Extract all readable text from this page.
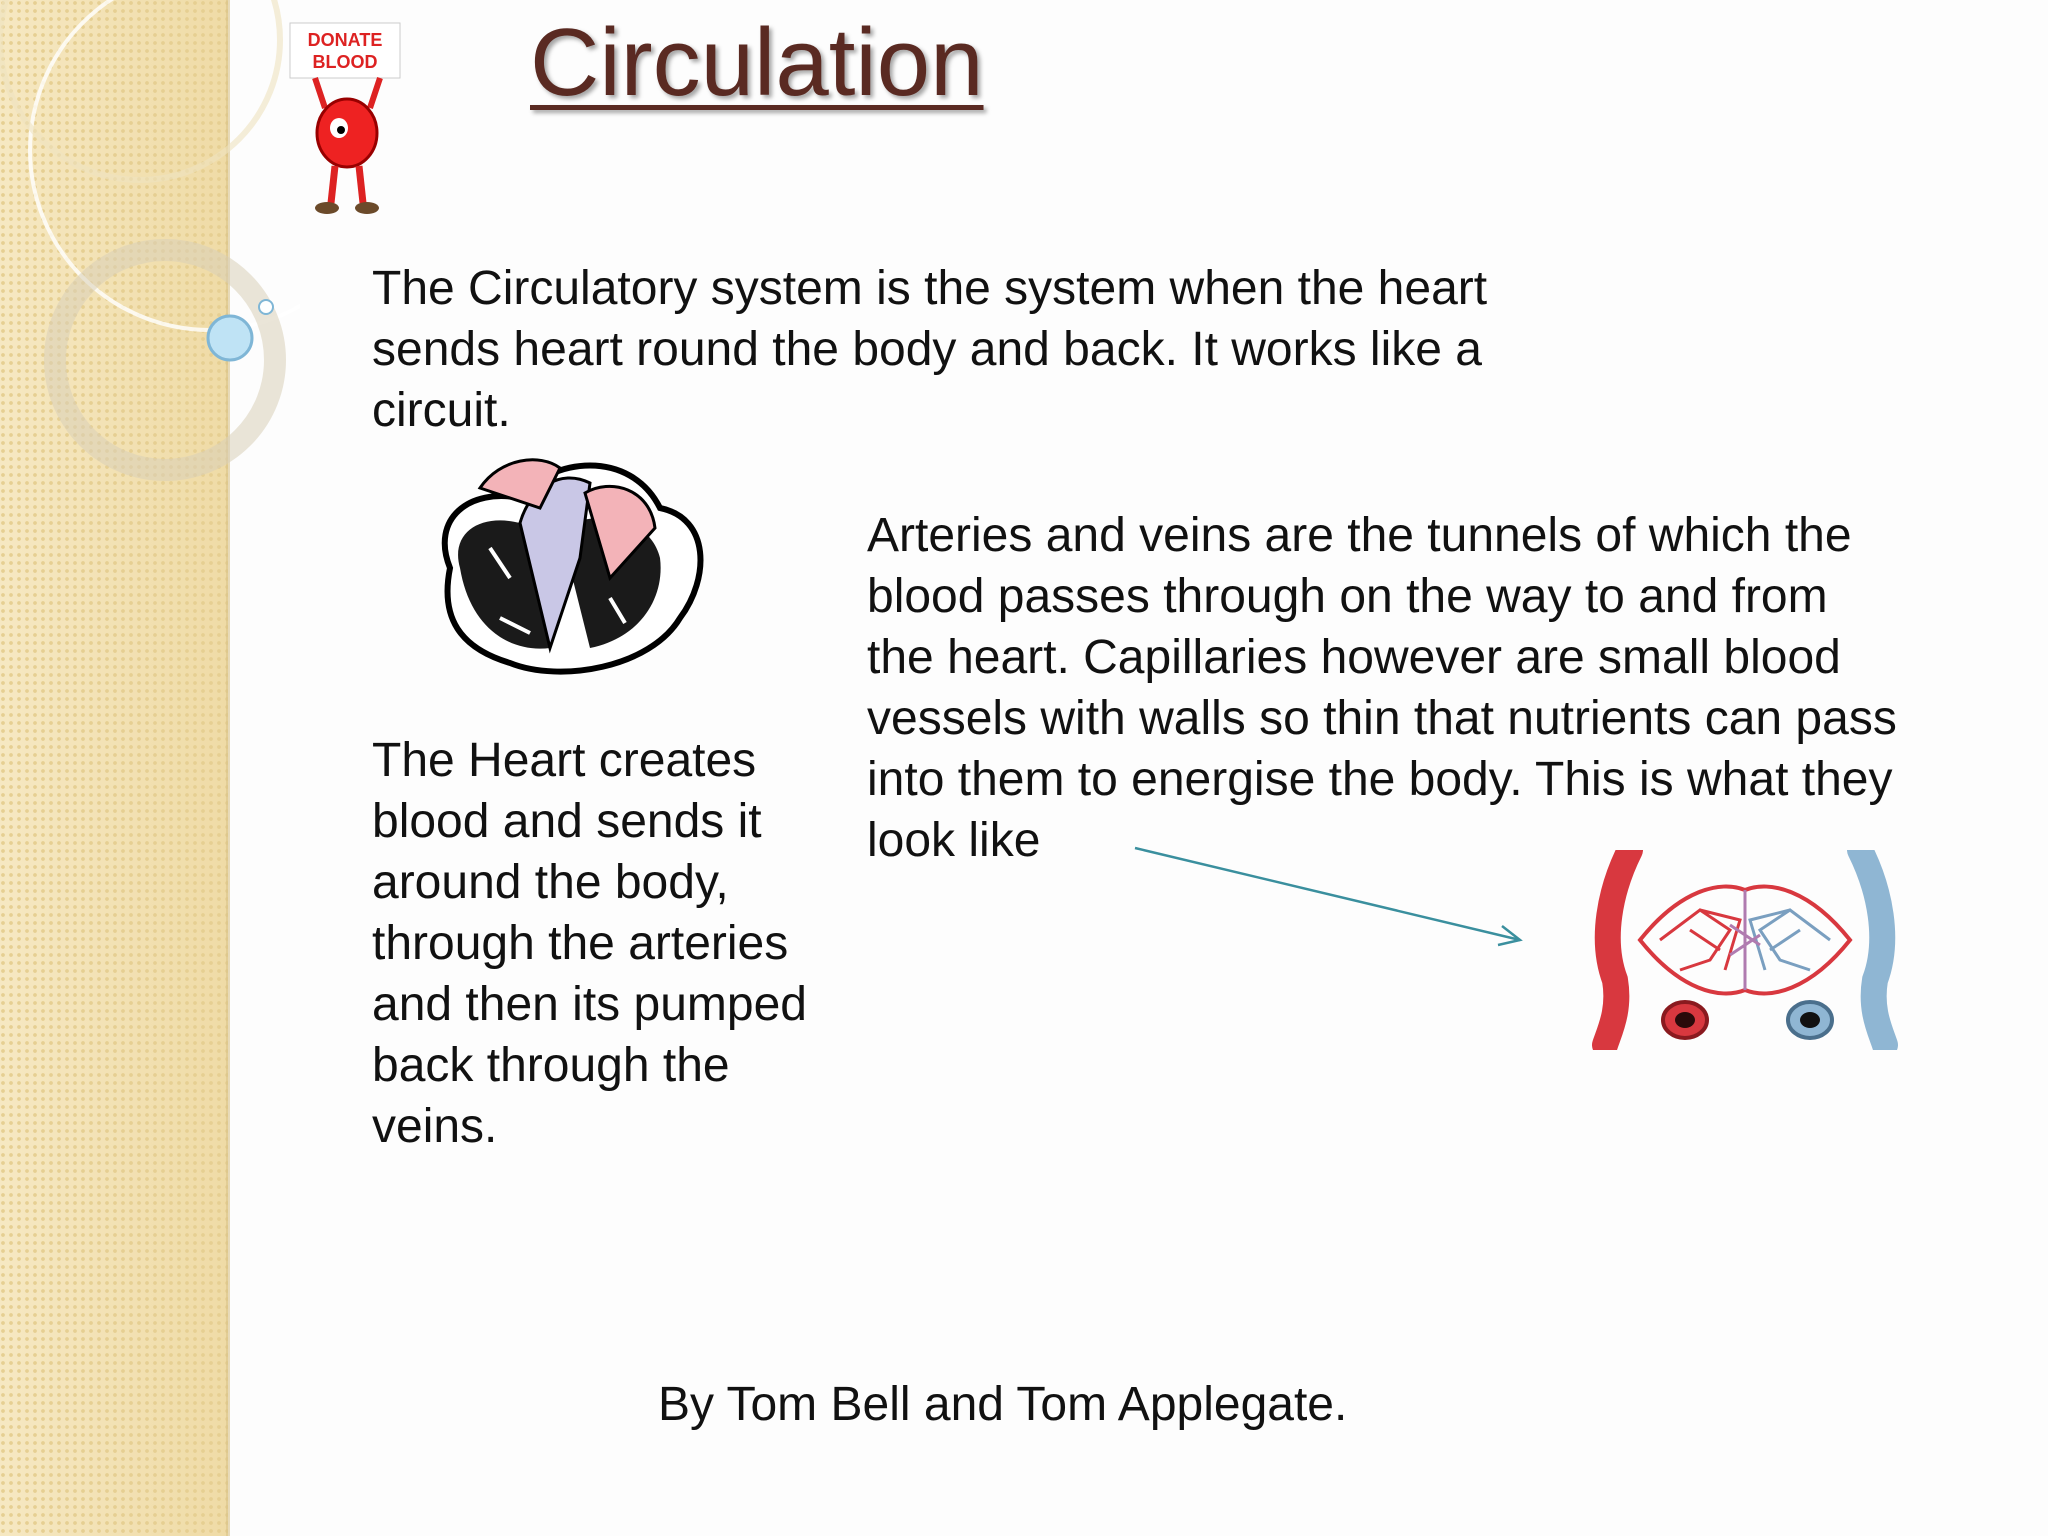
Circulation
DONATE
BLOOD

The Circulatory system is the system when the heart sends heart round the body and back. It works like a circuit.

The Heart creates blood and sends it around the body, through the arteries and then its pumped back through the veins.

Arteries and veins are the tunnels of which the blood passes through on the way to and from the heart. Capillaries however are small blood vessels with walls so thin that nutrients can pass into them to energise the body. This is what they look like

By Tom Bell and Tom Applegate.
